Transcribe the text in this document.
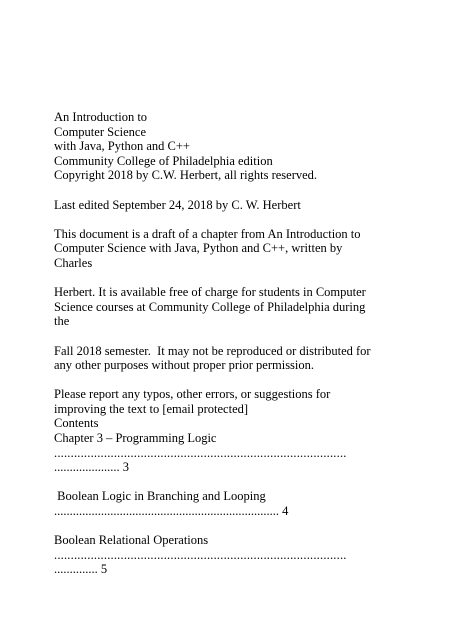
An Introduction to
Computer Science
with Java, Python and C++
Community College of Philadelphia edition
Copyright 2018 by C.W. Herbert, all rights reserved.
Last edited September 24, 2018 by C. W. Herbert
This document is a draft of a chapter from An Introduction to
Computer Science with Java, Python and C++, written by
Charles
Herbert. It is available free of charge for students in Computer
Science courses at Community College of Philadelphia during
the
Fall 2018 semester.  It may not be reproduced or distributed for
any other purposes without proper prior permission.
Please report any typos, other errors, or suggestions for
improving the text to [email protected]
Contents
Chapter 3 – Programming Logic
........................................................................................
..................... 3
Boolean Logic in Branching and Looping
........................................................................ 4
Boolean Relational Operations
........................................................................................
.............. 5
